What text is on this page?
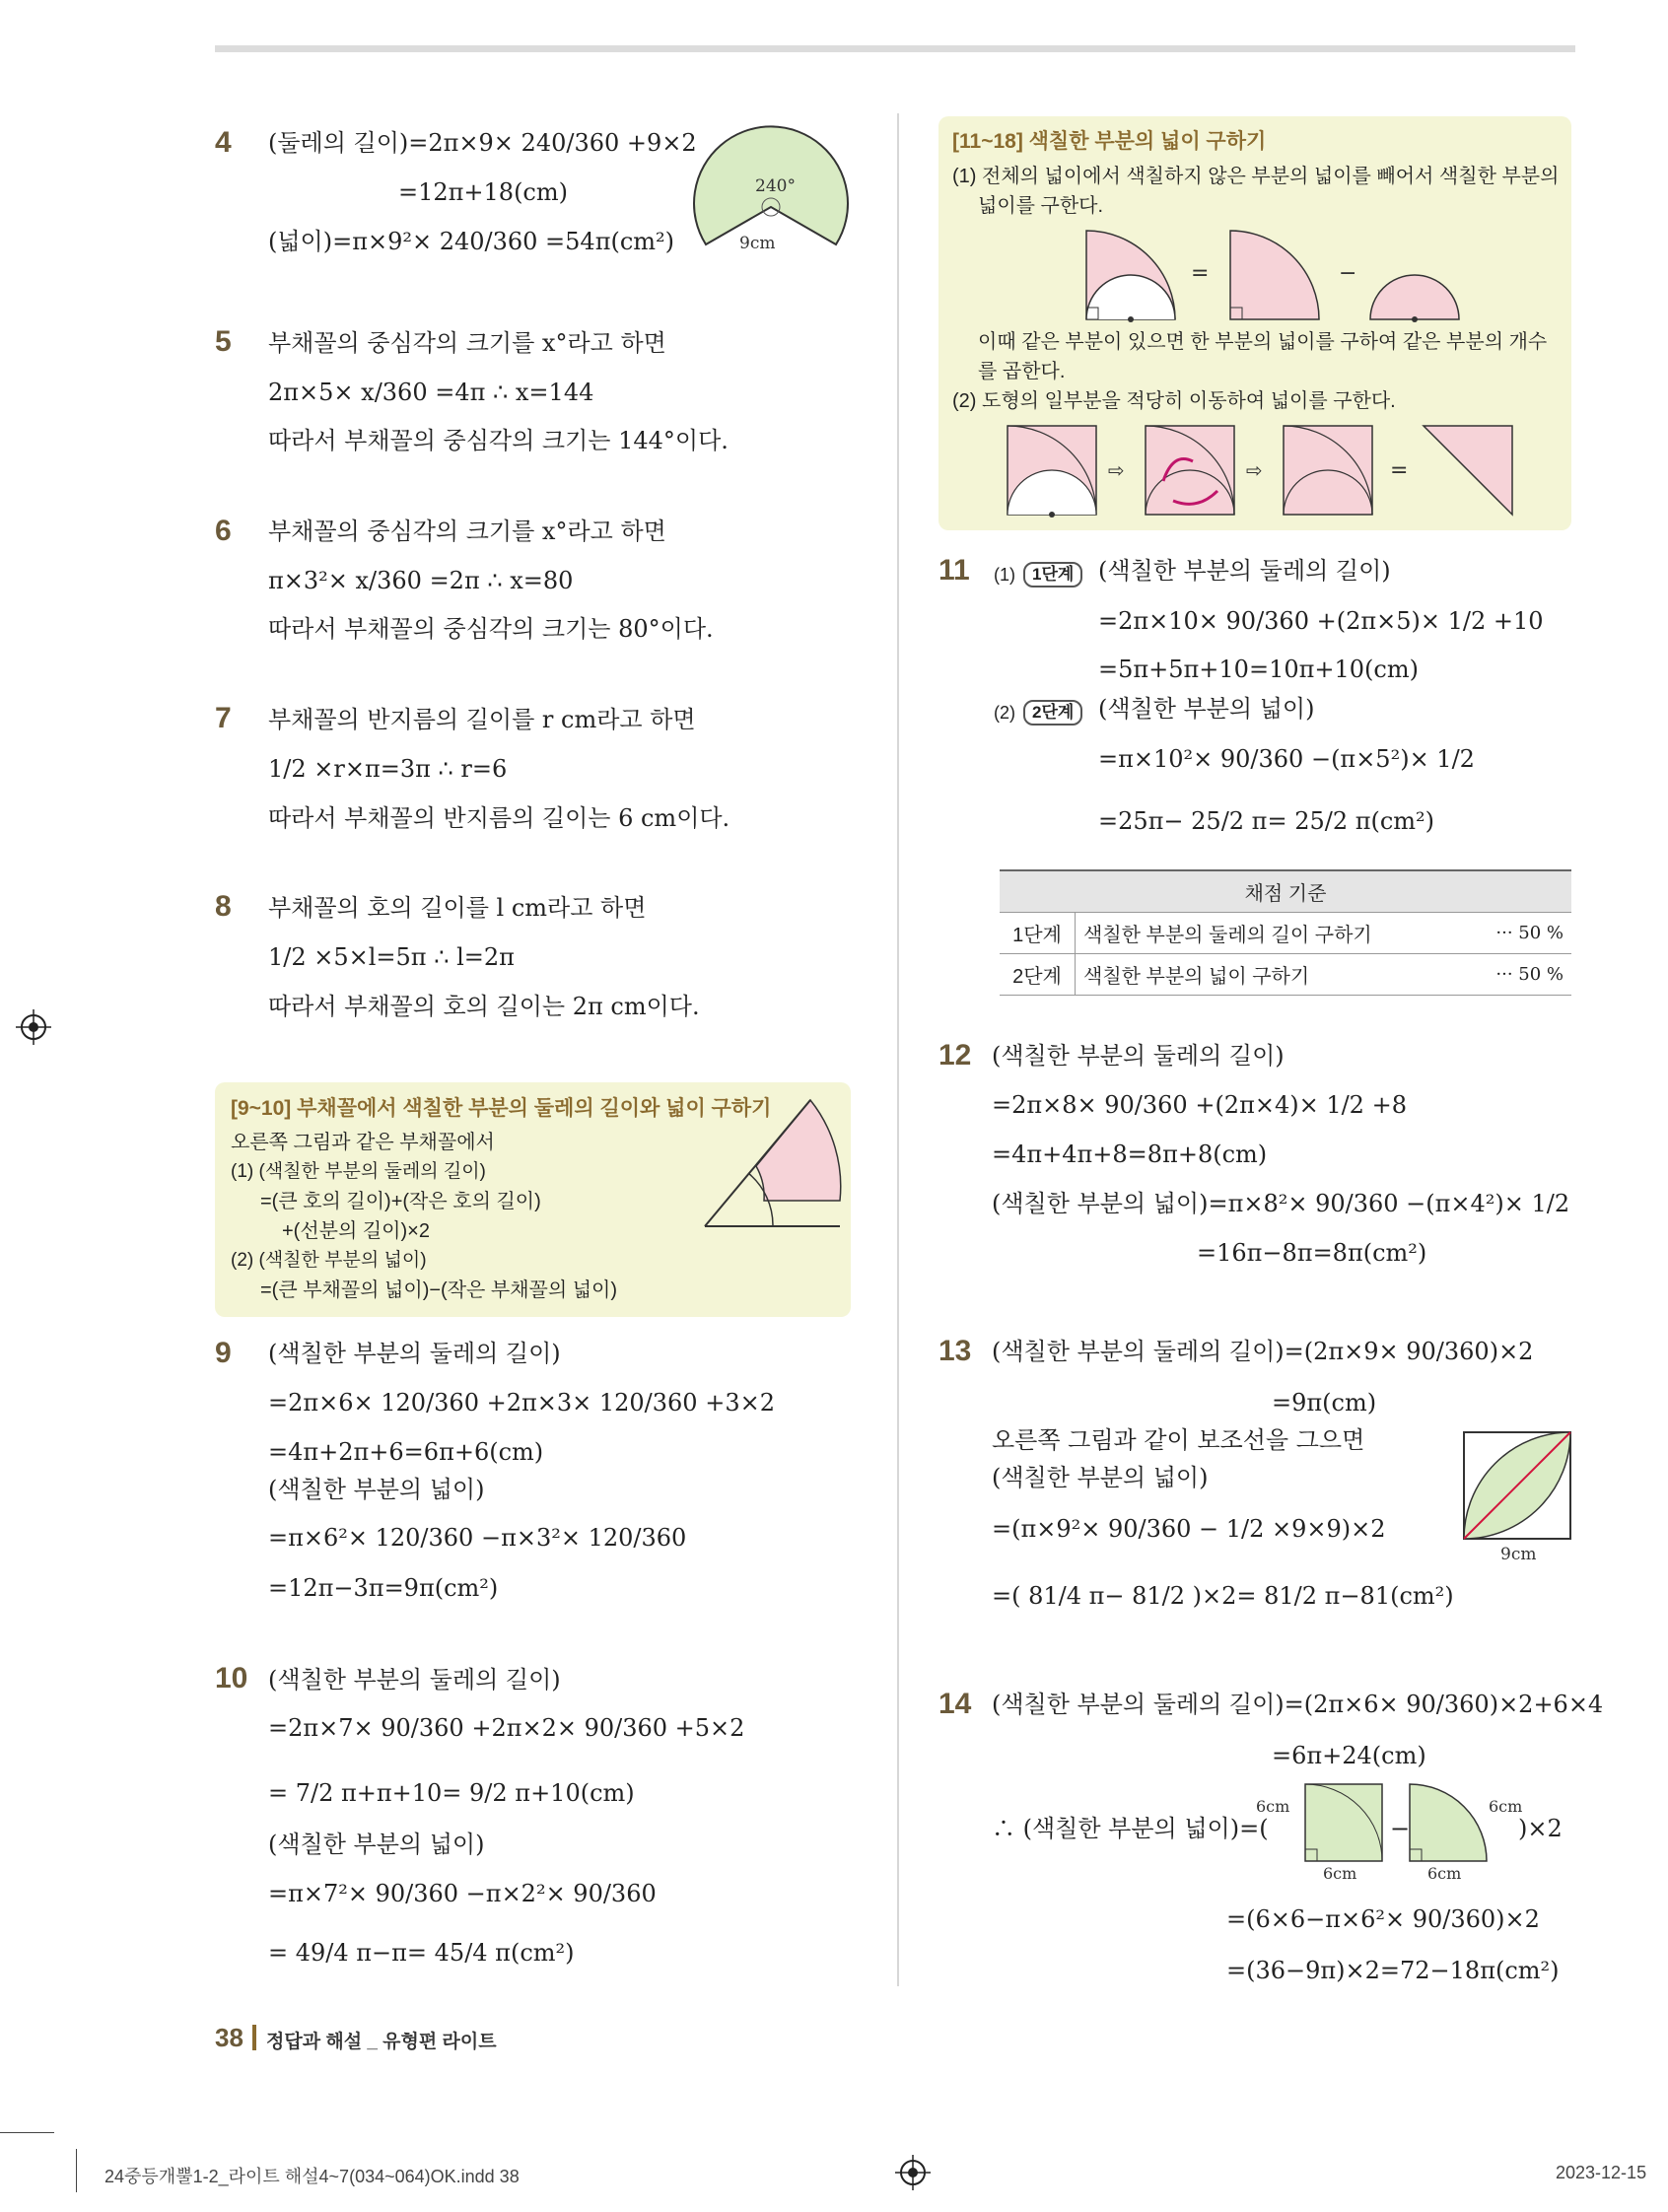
4 (둘레의 길이)=2π×9× 240/360 +9×2
=12π+18(cm)
(넓이)=π×9²× 240/360 =54π(cm²)
240°
9cm
5 부채꼴의 중심각의 크기를 x°라고 하면
2π×5× x/360 =4π ∴ x=144
따라서 부채꼴의 중심각의 크기는 144°이다.
6 부채꼴의 중심각의 크기를 x°라고 하면
π×3²× x/360 =2π ∴ x=80
따라서 부채꼴의 중심각의 크기는 80°이다.
7 부채꼴의 반지름의 길이를 r cm라고 하면
1/2 ×r×π=3π ∴ r=6
따라서 부채꼴의 반지름의 길이는 6 cm이다.
8 부채꼴의 호의 길이를 l cm라고 하면
1/2 ×5×l=5π ∴ l=2π
따라서 부채꼴의 호의 길이는 2π cm이다.
[9~10] 부채꼴에서 색칠한 부분의 둘레의 길이와 넓이 구하기
오른쪽 그림과 같은 부채꼴에서
(1) (색칠한 부분의 둘레의 길이)
=(큰 호의 길이)+(작은 호의 길이)
+(선분의 길이)×2
(2) (색칠한 부분의 넓이)
=(큰 부채꼴의 넓이)−(작은 부채꼴의 넓이)
9 (색칠한 부분의 둘레의 길이)
=2π×6× 120/360 +2π×3× 120/360 +3×2
=4π+2π+6=6π+6(cm)
(색칠한 부분의 넓이)
=π×6²× 120/360 −π×3²× 120/360
=12π−3π=9π(cm²)
10 (색칠한 부분의 둘레의 길이)
=2π×7× 90/360 +2π×2× 90/360 +5×2
= 7/2 π+π+10= 9/2 π+10(cm)
(색칠한 부분의 넓이)
=π×7²× 90/360 −π×2²× 90/360
= 49/4 π−π= 45/4 π(cm²)
[11~18] 색칠한 부분의 넓이 구하기
(1) 전체의 넓이에서 색칠하지 않은 부분의 넓이를 빼어서 색칠한 부분의
넓이를 구한다.
=	−
이때 같은 부분이 있으면 한 부분의 넓이를 구하여 같은 부분의 개수
를 곱한다.
(2) 도형의 일부분을 적당히 이동하여 넓이를 구한다.
⇨	⇨	=
11 (1)	1단계	(색칠한 부분의 둘레의 길이)
=2π×10× 90/360 +(2π×5)× 1/2 +10
=5π+5π+10=10π+10(cm)
(2)	2단계	(색칠한 부분의 넓이)
=π×10²× 90/360 −(π×5²)× 1/2
=25π− 25/2 π= 25/2 π(cm²)
채점 기준		
1단계	색칠한 부분의 둘레의 길이 구하기	··· 50 %
2단계	색칠한 부분의 넓이 구하기	··· 50 %
12 (색칠한 부분의 둘레의 길이)
=2π×8× 90/360 +(2π×4)× 1/2 +8
=4π+4π+8=8π+8(cm)
(색칠한 부분의 넓이)=π×8²× 90/360 −(π×4²)× 1/2
=16π−8π=8π(cm²)
13 (색칠한 부분의 둘레의 길이)=(2π×9× 90/360)×2
=9π(cm)
오른쪽 그림과 같이 보조선을 그으면
(색칠한 부분의 넓이)
=(π×9²× 90/360 − 1/2 ×9×9)×2
=( 81/4 π− 81/2 )×2= 81/2 π−81(cm²)
9cm
14 (색칠한 부분의 둘레의 길이)=(2π×6× 90/360)×2+6×4
=6π+24(cm)
∴ (색칠한 부분의 넓이)=(
6cm
6cm
6cm
6cm
−	)×2
=(6×6−π×6²× 90/360)×2
=(36−9π)×2=72−18π(cm²)
38 정답과 해설 _ 유형편 라이트
24중등개뿔1-2_라이트 해설4~7(034~064)OK.indd 38	2023-12-15
